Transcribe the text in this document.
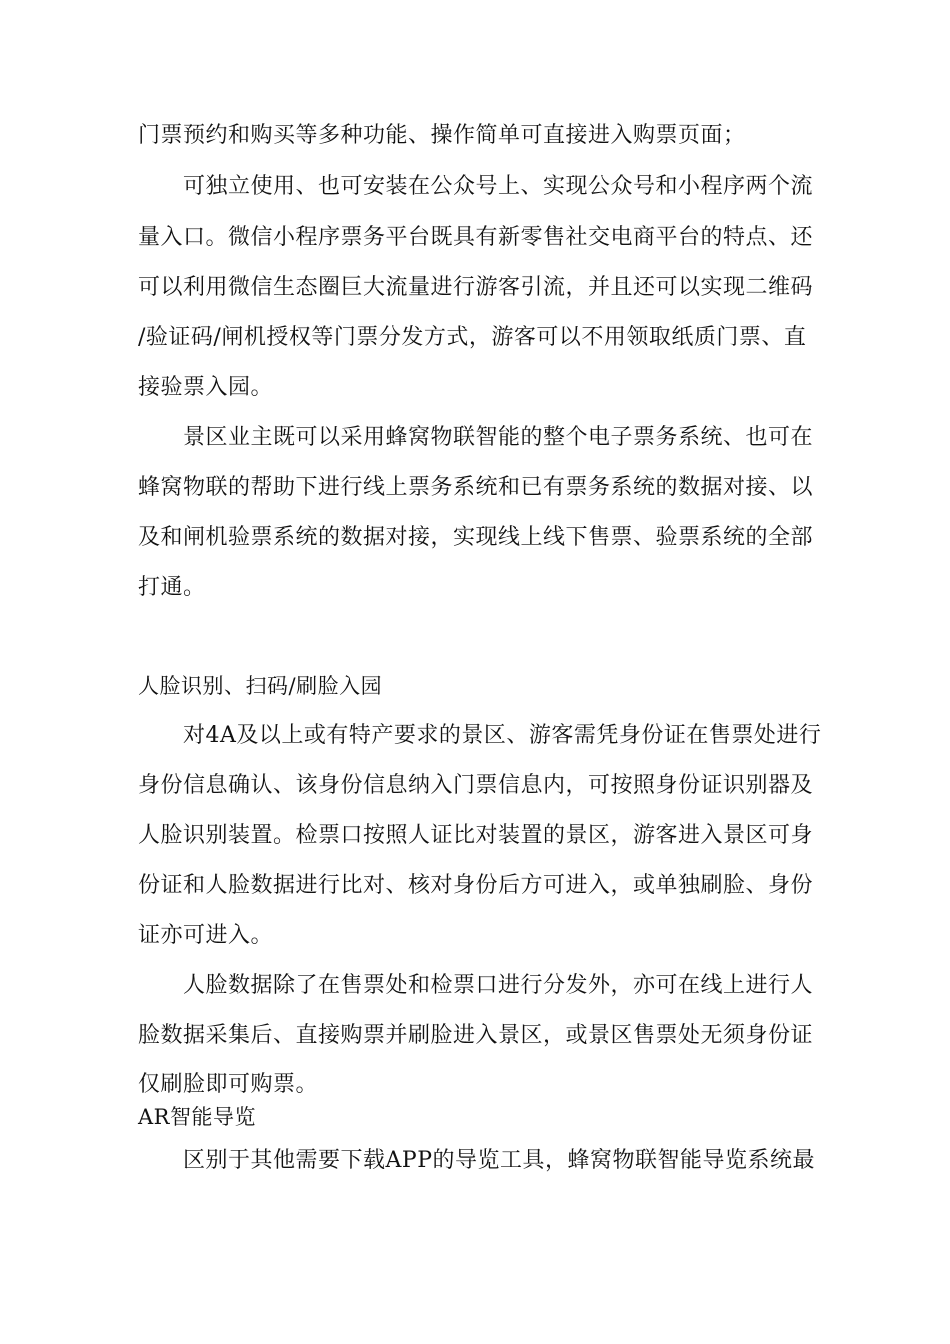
门票预约和购买等多种功能、操作简单可直接进入购票页面；
可独立使用、也可安装在公众号上、实现公众号和小程序两个流
量入口。微信小程序票务平台既具有新零售社交电商平台的特点、还
可以利用微信生态圈巨大流量进行游客引流，并且还可以实现二维码
/验证码/闸机授权等门票分发方式，游客可以不用领取纸质门票、直
接验票入园。
景区业主既可以采用蜂窝物联智能的整个电子票务系统、也可在
蜂窝物联的帮助下进行线上票务系统和已有票务系统的数据对接、以
及和闸机验票系统的数据对接，实现线上线下售票、验票系统的全部
打通。
人脸识别、扫码/刷脸入园
对4A及以上或有特产要求的景区、游客需凭身份证在售票处进行
身份信息确认、该身份信息纳入门票信息内，可按照身份证识别器及
人脸识别装置。检票口按照人证比对装置的景区，游客进入景区可身
份证和人脸数据进行比对、核对身份后方可进入，或单独刷脸、身份
证亦可进入。
人脸数据除了在售票处和检票口进行分发外，亦可在线上进行人
脸数据采集后、直接购票并刷脸进入景区，或景区售票处无须身份证
仅刷脸即可购票。
AR智能导览
区别于其他需要下载APP的导览工具，蜂窝物联智能导览系统最
